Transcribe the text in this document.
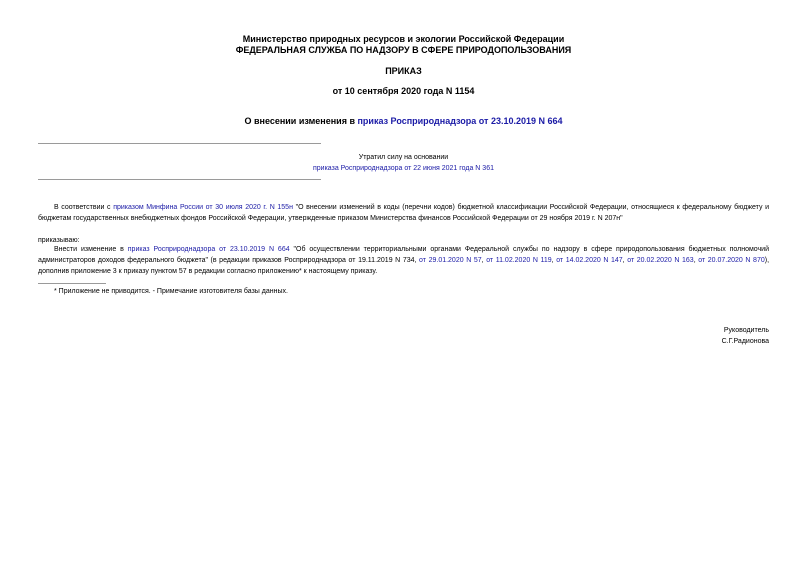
Министерство природных ресурсов и экологии Российской Федерации
ФЕДЕРАЛЬНАЯ СЛУЖБА ПО НАДЗОРУ В СФЕРЕ ПРИРОДОПОЛЬЗОВАНИЯ
ПРИКАЗ
от 10 сентября 2020 года N 1154
О внесении изменения в приказ Росприроднадзора от 23.10.2019 N 664
Утратил силу на основании
приказа Росприроднадзора от 22 июня 2021 года N 361
В соответствии с приказом Минфина России от 30 июля 2020 г. N 155н "О внесении изменений в коды (перечни кодов) бюджетной классификации Российской Федерации, относящиеся к федеральному бюджету и бюджетам государственных внебюджетных фондов Российской Федерации, утвержденные приказом Министерства финансов Российской Федерации от 29 ноября 2019 г. N 207н"
приказываю:
Внести изменение в приказ Росприроднадзора от 23.10.2019 N 664 "Об осуществлении территориальными органами Федеральной службы по надзору в сфере природопользования бюджетных полномочий администраторов доходов федерального бюджета" (в редакции приказов Росприроднадзора от 19.11.2019 N 734, от 29.01.2020 N 57, от 11.02.2020 N 119, от 14.02.2020 N 147, от 20.02.2020 N 163, от 20.07.2020 N 870), дополнив приложение 3 к приказу пунктом 57 в редакции согласно приложению* к настоящему приказу.
* Приложение не приводится. - Примечание изготовителя базы данных.
Руководитель
С.Г.Радионова
